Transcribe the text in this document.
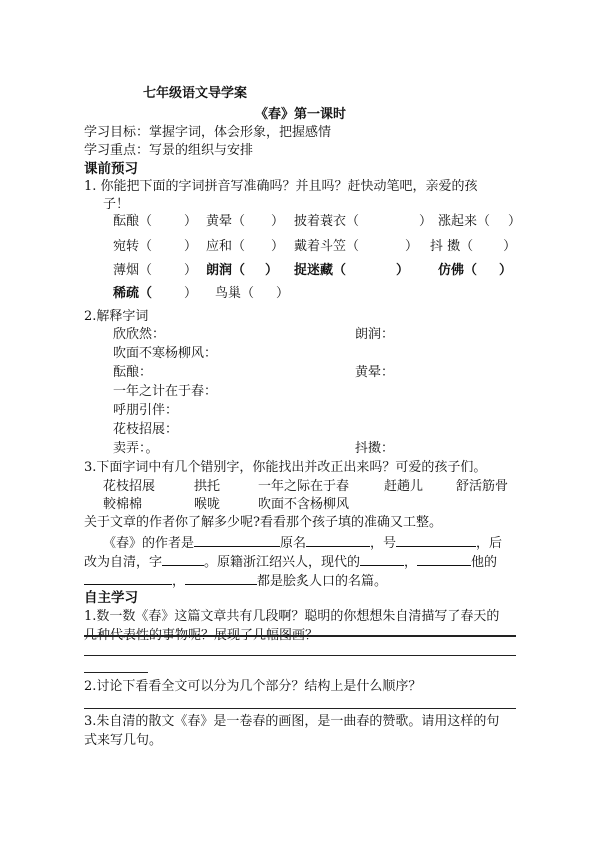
七年级语文导学案
《春》第一课时
学习目标：掌握字词，体会形象，把握感情
学习重点：写景的组织与安排
课前预习
1. 你能把下面的字词拼音写准确吗？并且吗？赶快动笔吧，亲爱的孩
子！
酝酿（ ） 黄晕（ ） 披着蓑衣（	） 涨起来（ ）
宛转（ ） 应和（ ） 戴着斗笠（	） 抖 擞（ ）
薄烟（ ） 朗润（ ） 捉迷藏（	） 仿佛（ ）
稀疏（ ） 鸟巢（ ）
2.解释字词
欣欣然：	朗润：
吹面不寒杨柳风：
酝酿：	黄晕：
一年之计在于春：
呼朋引伴：
花枝招展：
卖弄：。	抖擞：
3.下面字词中有几个错别字，你能找出并改正出来吗？可爱的孩子们。
花枝招展	拱托	一年之际在于春	赶趟儿	舒活筋骨
較棉棉	喉咙	吹面不含杨柳风
关于文章的作者你了解多少呢?看看那个孩子填的准确又工整。
《春》的作者是	原名	，号	，后
改为自清，字	。原籍浙江绍兴人，现代的	，	他的
，	都是脍炙人口的名篇。
自主学习
1.数一数《春》这篇文章共有几段啊？聪明的你想想朱自清描写了春天的
几种代表性的事物呢？展现了几幅图画？
2.讨论下看看全文可以分为几个部分？结构上是什么顺序？
3.朱自清的散文《春》是一卷春的画图，是一曲春的赞歌。请用这样的句
式来写几句。
